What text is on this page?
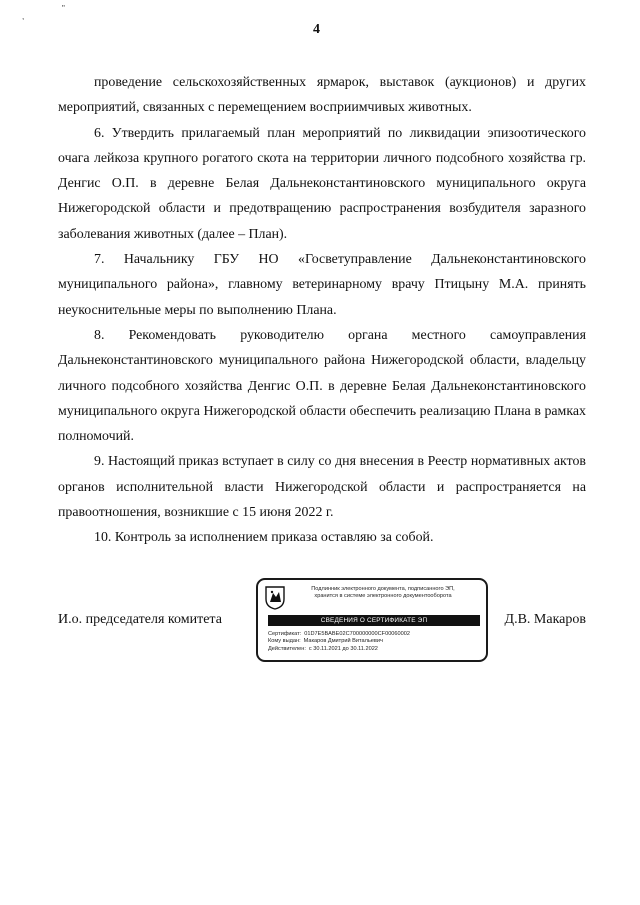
,
"
4

проведение сельскохозяйственных ярмарок, выставок (аукционов) и других мероприятий, связанных с перемещением восприимчивых животных.

6. Утвердить прилагаемый план мероприятий по ликвидации эпизоотического очага лейкоза крупного рогатого скота на территории личного подсобного хозяйства гр. Денгис О.П. в деревне Белая Дальнеконстантиновского муниципального округа Нижегородской области и предотвращению распространения возбудителя заразного заболевания животных (далее – План).

7. Начальнику ГБУ НО «Госветуправление Дальнеконстантиновского муниципального района», главному ветеринарному врачу Птицыну М.А. принять неукоснительные меры по выполнению Плана.

8. Рекомендовать руководителю органа местного самоуправления Дальнеконстантиновского муниципального района Нижегородской области, владельцу личного подсобного хозяйства Денгис О.П. в деревне Белая Дальнеконстантиновского муниципального округа Нижегородской области обеспечить реализацию Плана в рамках полномочий.

9. Настоящий приказ вступает в силу со дня внесения в Реестр нормативных актов органов исполнительной власти Нижегородской области и распространяется на правоотношения, возникшие с 15 июня 2022 г.

10. Контроль за исполнением приказа оставляю за собой.

И.о. председателя комитета
Подлинник электронного документа, подписанного ЭП,
хранится в системе электронного документооборота
СВЕДЕНИЯ О СЕРТИФИКАТЕ ЭП
Сертификат: 01D7E5BABE02C700000000CF00060002
Кому выдан: Макаров Дмитрий Витальевич
Действителен: с 30.11.2021 до 30.11.2022
Д.В. Макаров
